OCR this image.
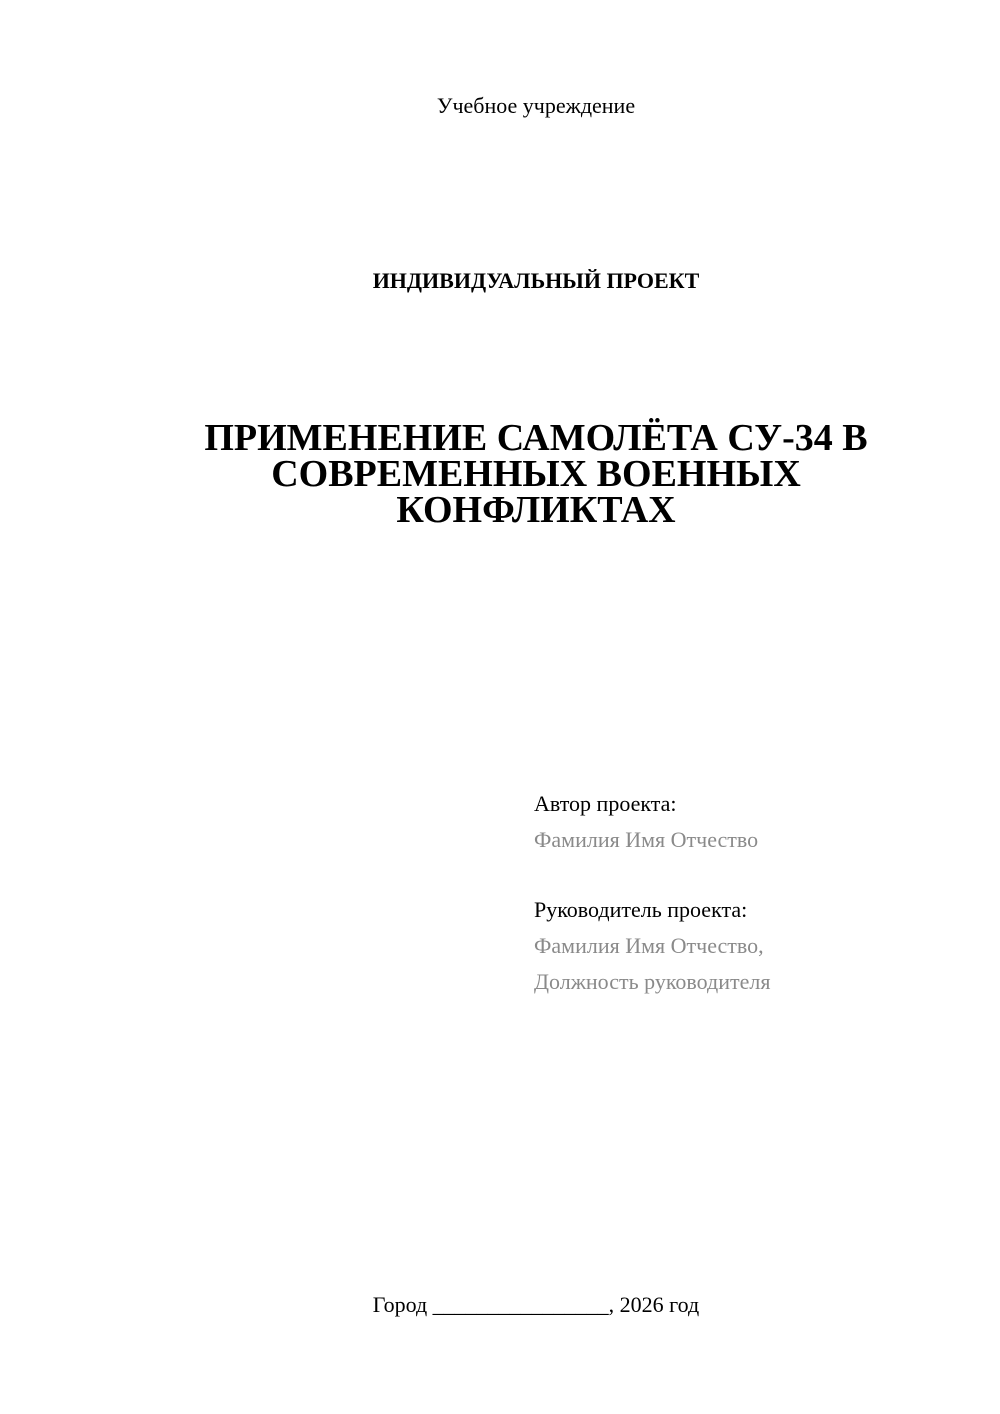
Учебное учреждение
ИНДИВИДУАЛЬНЫЙ ПРОЕКТ
ПРИМЕНЕНИЕ САМОЛЁТА СУ-34 В
СОВРЕМЕННЫХ ВОЕННЫХ
КОНФЛИКТАХ
Автор проекта:
Фамилия Имя Отчество
Руководитель проекта:
Фамилия Имя Отчество,
Должность руководителя
Город ________________, 2026 год
